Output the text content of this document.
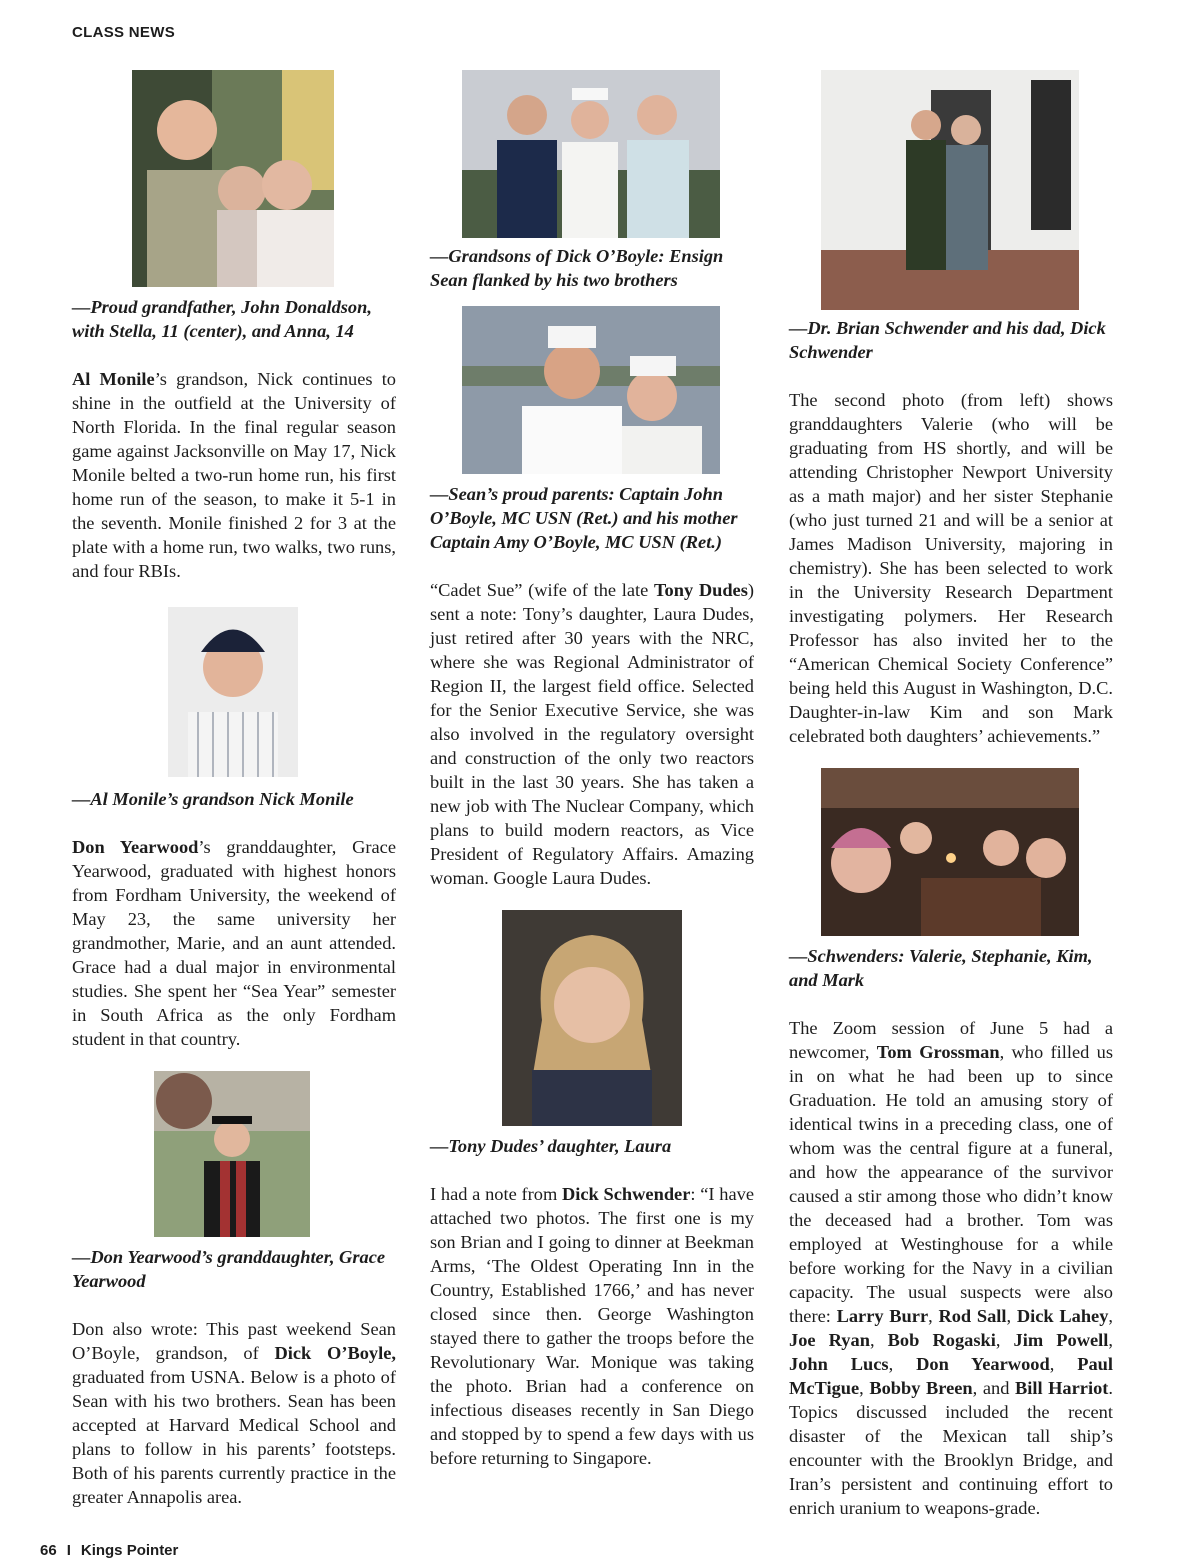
CLASS NEWS

—Proud grandfather, John Donaldson, with Stella, 11 (center), and Anna, 14

Al Monile’s grandson, Nick continues to shine in the outfield at the University of North Florida. In the final regular season game against Jacksonville on May 17, Nick Monile belted a two-run home run, his first home run of the season, to make it 5-1 in the seventh. Monile finished 2 for 3 at the plate with a home run, two walks, two runs, and four RBIs.

—Al Monile’s grandson Nick Monile

Don Yearwood’s granddaughter, Grace Yearwood, graduated with highest honors from Fordham University, the weekend of May 23, the same university her grandmother, Marie, and an aunt attended. Grace had a dual major in environmental studies. She spent her “Sea Year” semester in South Africa as the only Fordham student in that country.

—Don Yearwood’s granddaughter, Grace Yearwood

Don also wrote: This past weekend Sean O’Boyle, grandson, of Dick O’Boyle, graduated from USNA. Below is a photo of Sean with his two brothers. Sean has been accepted at Harvard Medical School and plans to follow in his parents’ footsteps. Both of his parents currently practice in the greater Annapolis area.

—Grandsons of Dick O’Boyle: Ensign Sean flanked by his two brothers

—Sean’s proud parents: Captain John O’Boyle, MC USN (Ret.) and his mother Captain Amy O’Boyle, MC USN (Ret.)

“Cadet Sue” (wife of the late Tony Dudes) sent a note: Tony’s daughter, Laura Dudes, just retired after 30 years with the NRC, where she was Regional Administrator of Region II, the largest field office. Selected for the Senior Executive Service, she was also involved in the regulatory oversight and construction of the only two reactors built in the last 30 years. She has taken a new job with The Nuclear Company, which plans to build modern reactors, as Vice President of Regulatory Affairs. Amazing woman. Google Laura Dudes.

—Tony Dudes’ daughter, Laura

I had a note from Dick Schwender: “I have attached two photos. The first one is my son Brian and I going to dinner at Beekman Arms, ‘The Oldest Operating Inn in the Country, Established 1766,’ and has never closed since then. George Washington stayed there to gather the troops before the Revolutionary War. Monique was taking the photo. Brian had a conference on infectious diseases recently in San Diego and stopped by to spend a few days with us before returning to Singapore.

—Dr. Brian Schwender and his dad, Dick Schwender

The second photo (from left) shows granddaughters Valerie (who will be graduating from HS shortly, and will be attending Christopher Newport University as a math major) and her sister Stephanie (who just turned 21 and will be a senior at James Madison University, majoring in chemistry). She has been selected to work in the University Research Department investigating polymers. Her Research Professor has also invited her to the “American Chemical Society Conference” being held this August in Washington, D.C. Daughter-in-law Kim and son Mark celebrated both daughters’ achievements.”

—Schwenders: Valerie, Stephanie, Kim, and Mark

The Zoom session of June 5 had a newcomer, Tom Grossman, who filled us in on what he had been up to since Graduation. He told an amusing story of identical twins in a preceding class, one of whom was the central figure at a funeral, and how the appearance of the survivor caused a stir among those who didn’t know the deceased had a brother. Tom was employed at Westinghouse for a while before working for the Navy in a civilian capacity. The usual suspects were also there: Larry Burr, Rod Sall, Dick Lahey, Joe Ryan, Bob Rogaski, Jim Powell, John Lucs, Don Yearwood, Paul McTigue, Bobby Breen, and Bill Harriot. Topics discussed included the recent disaster of the Mexican tall ship’s encounter with the Brooklyn Bridge, and Iran’s persistent and continuing effort to enrich uranium to weapons-grade.

66 I Kings Pointer
